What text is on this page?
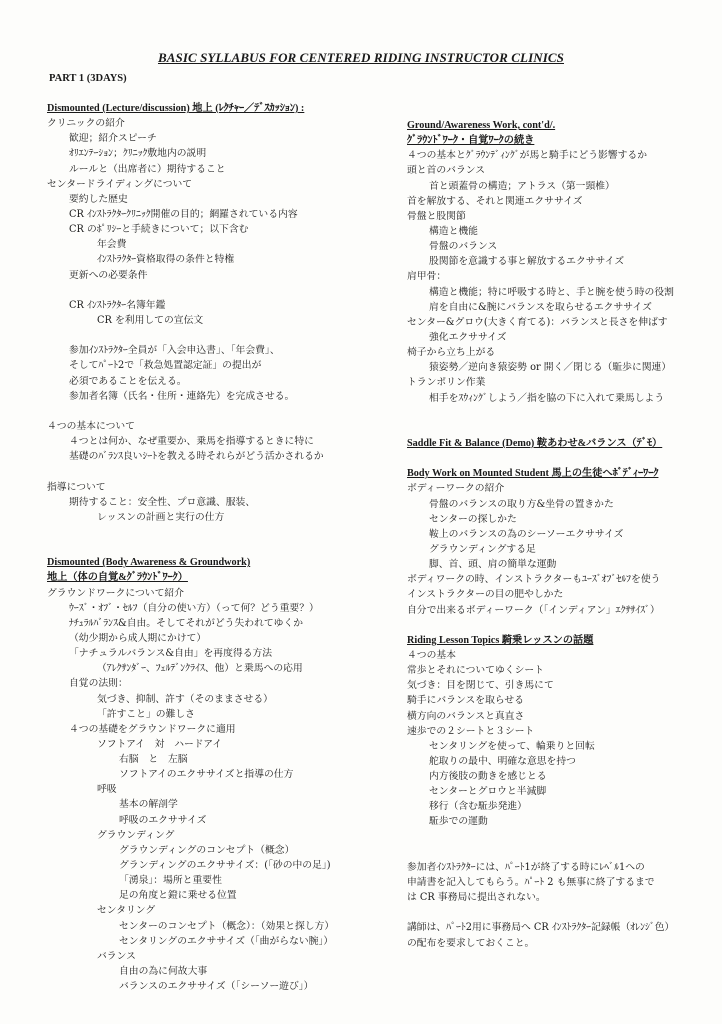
BASIC SYLLABUS FOR CENTERED RIDING INSTRUCTOR CLINICS
PART 1 (3DAYS)
Dismounted (Lecture/discussion) 地上 (ﾚｸﾁｬｰ／ﾃﾞｽｶｯｼｮﾝ) :
クリニックの紹介
歓迎；紹介スピーチ
ｵﾘｴﾝﾃｰｼｮﾝ；ｸﾘﾆｯｸ敷地内の説明
ルールと（出席者に）期待すること
センタードライディングについて
要約した歴史
CR ｲﾝｽﾄﾗｸﾀｰｸﾘﾆｯｸ開催の目的；網羅されている内容
CR のﾎﾟﾘｼｰと手続きについて；以下含む
年会費
ｲﾝｽﾄﾗｸﾀｰ資格取得の条件と特権
更新への必要条件
CR ｲﾝｽﾄﾗｸﾀｰ名簿年鑑
CR を利用しての宣伝文
参加ｲﾝｽﾄﾗｸﾀｰ全員が「入会申込書」、「年会費」、
そしてﾊﾟｰﾄ2で「救急処置認定証」の提出が
必須であることを伝える。
参加者名簿（氏名・住所・連絡先）を完成させる。
４つの基本について
４つとは何か、なぜ重要か、乗馬を指導するときに特に
基礎のﾊﾞﾗﾝｽ良いｼｰﾄを教える時それらがどう活かされるか
指導について
期待すること：安全性、プロ意識、服装、
レッスンの計画と実行の仕方
Dismounted (Body Awareness & Groundwork)
地上（体の自覚&ｸﾞﾗｳﾝﾄﾞﾜｰｸ）
グラウンドワークについて紹介
ｳｰｽﾞ・ｵﾌﾞ・ｾﾙﾌ（自分の使い方）（って何？どう重要？）
ﾅﾁｭﾗﾙﾊﾞﾗﾝｽ&自由。そしてそれがどう失われてゆくか
（幼少期から成人期にかけて）
「ナチュラルバランス&自由」を再度得る方法
（ｱﾚｸｻﾝﾀﾞｰ、ﾌｪﾙﾃﾞﾝｸﾗｲｽ、他）と乗馬への応用
自覚の法則：
気づき、抑制、許す（そのままさせる）
「許すこと」の難しさ
４つの基礎をグラウンドワークに適用
ソフトアイ　対　ハードアイ
右脳　と　左脳
ソフトアイのエクササイズと指導の仕方
呼吸
基本の解剖学
呼吸のエクササイズ
グラウンディング
グラウンディングのコンセプト（概念）
グランディングのエクササイズ：(「砂の中の足」)
「湧泉」：場所と重要性
足の角度と鐙に乗せる位置
センタリング
センターのコンセプト（概念）：（効果と探し方）
センタリングのエクササイズ（「曲がらない腕」）
バランス
自由の為に何故大事
バランスのエクササイズ（「シーソー遊び」）
Ground/Awareness Work, cont'd/.
ｸﾞﾗｳﾝﾄﾞﾜｰｸ・自覚ﾜｰｸの続き
４つの基本とｸﾞﾗｳﾝﾃﾞｨﾝｸﾞが馬と騎手にどう影響するか
頭と首のバランス
首と頭蓋骨の構造；アトラス（第一頸椎）
首を解放する、それと関連エクササイズ
骨盤と股関節
構造と機能
骨盤のバランス
股関節を意識する事と解放するエクササイズ
肩甲骨：
構造と機能；特に呼吸する時と、手と腕を使う時の役割
肩を自由に&腕にバランスを取らせるエクササイズ
センター&グロウ(大きく育てる)：バランスと長さを伸ばす
強化エクササイズ
椅子から立ち上がる
猿姿勢／逆向き猿姿勢 or 開く／閉じる（駈歩に関連）
トランポリン作業
相手をｽｳｨﾝｸﾞしよう／指を脇の下に入れて乗馬しよう
Saddle Fit & Balance (Demo) 鞍あわせ&バランス（ﾃﾞﾓ）
Body Work on Mounted Student 馬上の生徒へﾎﾞﾃﾞｨｰﾜｰｸ
ボディーワークの紹介
骨盤のバランスの取り方&坐骨の置きかた
センターの探しかた
鞍上のバランスの為のシーソーエクササイズ
グラウンディングする足
脚、首、頭、肩の簡単な運動
ボディワークの時、インストラクターもﾕｰｽﾞｵﾌﾞｾﾙﾌを使う
インストラクターの目の肥やしかた
自分で出来るボディーワーク（「インディアン」ｴｸｻｻｲｽﾞ）
Riding Lesson Topics 騎乗レッスンの話題
４つの基本
常歩とそれについてゆくシート
気づき：目を閉じて、引き馬にて
騎手にバランスを取らせる
横方向のバランスと真直さ
速歩での２シートと３シート
センタリングを使って、輪乗りと回転
舵取りの最中、明確な意思を持つ
内方後肢の動きを感じとる
センターとグロウと半減脚
移行（含む駈歩発進）
駈歩での運動
参加者ｲﾝｽﾄﾗｸﾀｰには、ﾊﾟｰﾄ1が終了する時にﾚﾍﾞﾙ1への
申請書を記入してもらう。ﾊﾟｰﾄ 2 も無事に終了するまで
は CR 事務局に提出されない。
講師は、ﾊﾟｰﾄ2用に事務局へ CR ｲﾝｽﾄﾗｸﾀｰ記録帳（ｵﾚﾝｼﾞ色）
の配布を要求しておくこと。
